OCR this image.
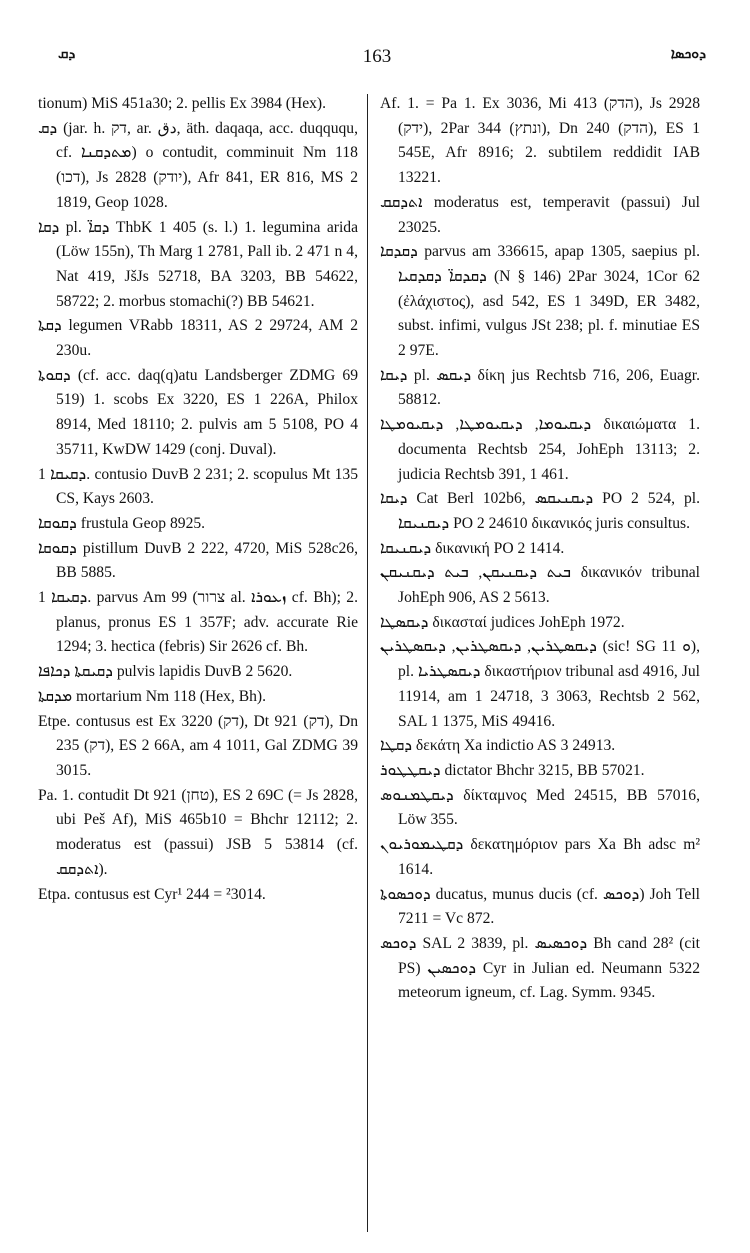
ܕܩ	163	ܕܘܟܣܐ

tionum) MiS 451a30; 2. pellis Ex 3984 (Hex).

ܕܩ (jar. h. דק, ar. دق, äth. daqaqa, acc. duqququ, cf. ܡܬܕܩܢܐ) o contudit, comminuit Nm 118 (דכו), Js 2828 (יודק), Afr 841, ER 816, MS 2 1819, Geop 1028.

ܕܩܐ pl. ܕܩܐ̈ ThbK 1 405 (s. l.) 1. legumina arida (Löw 155n), Th Marg 1 2781, Pall ib. 2 471 n 4, Nat 419, JšJs 52718, BA 3203, BB 54622, 58722; 2. morbus stomachi(?) BB 54621.

ܕܩܬܐ legumen VRabb 18311, AS 2 29724, AM 2 230u.

ܕܩܘܬܐ (cf. acc. daq(q)atu Landsberger ZDMG 69 519) 1. scobs Ex 3220, ES 1 226A, Philox 8914, Med 18110; 2. pulvis am 5 5108, PO 4 35711, KwDW 1429 (conj. Duval).

ܕܩܝܩܐ 1. contusio DuvB 2 231; 2. scopulus Mt 135 CS, Kays 2603.

ܕܩܘܩܐ frustula Geop 8925.

ܕܩܘܩܐ pistillum DuvB 2 222, 4720, MiS 528c26, BB 5885.

ܕܩܝܩܐ 1. parvus Am 99 (צרור al. ܙܥܘܪܐ cf. Bh); 2. planus, pronus ES 1 357F; adv. accurate Rie 1294; 3. hectica (febris) Sir 2626 cf. Bh.

ܕܩܝܩܬܐ ܕܟܐܦܐ pulvis lapidis DuvB 2 5620.

ܡܕܩܬܐ mortarium Nm 118 (Hex, Bh).

Etpe. contusus est Ex 3220 (דק), Dt 921 (דק), Dn 235 (דק), ES 2 66A, am 4 1011, Gal ZDMG 39 3015.

Pa. 1. contudit Dt 921 (טחן), ES 2 69C (= Js 2828, ubi Peš Af), MiS 465b10 = Bhchr 12112; 2. moderatus est (passui) JSB 5 53814 (cf. ܐܬܕܩܩ).

Etpa. contusus est Cyr¹ 244 = ²3014.

Af. 1. = Pa 1. Ex 3036, Mi 413 (הדק), Js 2928 (ידק), 2Par 344 (ונתץ), Dn 240 (הדק), ES 1 545E, Afr 8916; 2. subtilem reddidit IAB 13221.

ܐܬܕܩܩ moderatus est, temperavit (passui) Jul 23025.

ܕܩܕܩܐ parvus am 336615, apap 1305, saepius pl. ܕܩܕܩܐ̈ ܕܩܕܩܝܐ (N § 146) 2Par 3024, 1Cor 62 (ἐλάχιστος), asd 542, ES 1 349D, ER 3482, subst. infimi, vulgus JSt 238; pl. f. minutiae ES 2 97E.

ܕܝܩܐ pl. ܕܝܩܣ δίκη jus Rechtsb 716, 206, Euagr. 58812.

ܕܝܩܝܘܡܐ, ܕܝܩܝܘܡܛܐ, ܕܝܩܝܘܡܛܐ δικαιώματα 1. documenta Rechtsb 254, JohEph 13113; 2. judicia Rechtsb 391, 1 461.

ܕܝܩܐ Cat Berl 102b6, ܕܝܩܢܝܩܣ PO 2 524, pl. ܕܝܩܢܝܩܐ PO 2 24610 δικανικός juris consultus.

ܕܝܩܢܝܩܐ δικανική PO 2 1414.

ܒܝܬ ܕܝܩܢܝܩܢ, ܒܝܬ ܕܝܩܢܝܩܢ δικανικόν tribunal JohEph 906, AS 2 5613.

ܕܝܩܣܛܐ δικασταί judices JohEph 1972.

ܕܝܩܣܛܪܝܢ, ܕܝܩܣܛܪܝܢ, ܕܝܩܣܛܪܝܢ (sic! SG ܘ 11), pl. ܕܝܩܣܛܪܝܐ δικαστήριον tribunal asd 4916, Jul 11914, am 1 24718, 3 3063, Rechtsb 2 562, SAL 1 1375, MiS 49416.

ܕܩܛܐ δεκάτη Xa indictio AS 3 24913.

ܕܝܩܛܛܘܪ dictator Bhchr 3215, BB 57021.

ܕܝܩܛܡܢܘܣ δίκταμνος Med 24515, BB 57016, Löw 355.

ܕܩܛܝܡܘܪܝܘܢ δεκατημόριον pars Xa Bh adsc m² 1614.

ܕܘܟܣܘܬܐ ducatus, munus ducis (cf. ܕܘܟܣ) Joh Tell 7211 = Vc 872.

ܕܘܟܣ SAL 2 3839, pl. ܕܘܟܣܝܣ Bh cand 28² (cit PS) ܕܘܟܣܝܢ Cyr in Julian ed. Neumann 5322 meteorum igneum, cf. Lag. Symm. 9345.
